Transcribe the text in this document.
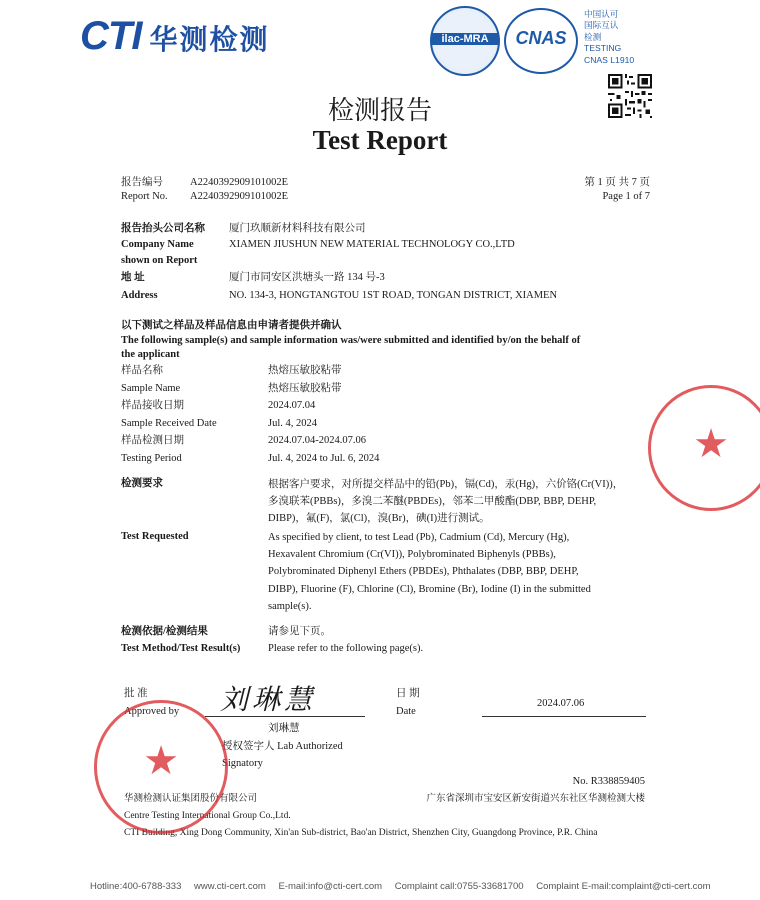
CTI 华测检测	ilac-MRA	CNAS
中国认可
国际互认
检测
TESTING
CNAS L1910
检测报告
Test Report
报告编号	A2240392909101002E
Report No. A2240392909101002E
第 1 页 共 7 页
Page 1 of 7
报告抬头公司名称 厦门玖顺新材料科技有限公司
Company Name	XIAMEN JIUSHUN NEW MATERIAL TECHNOLOGY CO.,LTD
shown on Report
地 址	厦门市同安区洪塘头一路 134 号-3
Address	NO. 134-3, HONGTANGTOU 1ST ROAD, TONGAN DISTRICT, XIAMEN
以下测试之样品及样品信息由申请者提供并确认
The following sample(s) and sample information was/were submitted and identified by/on the behalf of
the applicant
样品名称	热熔压敏胶粘带
Sample Name	热熔压敏胶粘带
样品接收日期	2024.07.04
Sample Received Date	Jul. 4, 2024
样品检测日期	2024.07.04-2024.07.06
Testing Period	Jul. 4, 2024 to Jul. 6, 2024
检测要求	根据客户要求，对所提交样品中的铅(Pb)，镉(Cd)，汞(Hg)，六价铬(Cr(VI))，
多溴联苯(PBBs)，多溴二苯醚(PBDEs)，邻苯二甲酸酯(DBP, BBP, DEHP,
DIBP)，氟(F)，氯(Cl)，溴(Br)，碘(I)进行测试。
Test Requested	As specified by client, to test Lead (Pb), Cadmium (Cd), Mercury (Hg),
Hexavalent Chromium (Cr(VI)), Polybrominated Biphenyls (PBBs),
Polybrominated Diphenyl Ethers (PBDEs), Phthalates (DBP, BBP, DEHP,
DIBP), Fluorine (F), Chlorine (Cl), Bromine (Br), Iodine (I) in the submitted
sample(s).
检测依据/检测结果	请参见下页。
Test Method/Test Result(s)	Please refer to the following page(s).
批 准
Approved by 刘琳慧
刘琳慧
授权签字人 Lab Authorized
Signatory
日 期
Date
2024.07.06
No. R338859405
华测检测认证集团股份有限公司	广东省深圳市宝安区新安街道兴东社区华测检测大楼
Centre Testing International Group Co.,Ltd.
CTI Building, Xing Dong Community, Xin'an Sub-district, Bao'an District, Shenzhen City, Guangdong Province, P.R. China
★
★
Hotline:400-6788-333 www.cti-cert.com E-mail:info@cti-cert.com Complaint call:0755-33681700 Complaint E-mail:complaint@cti-cert.com
